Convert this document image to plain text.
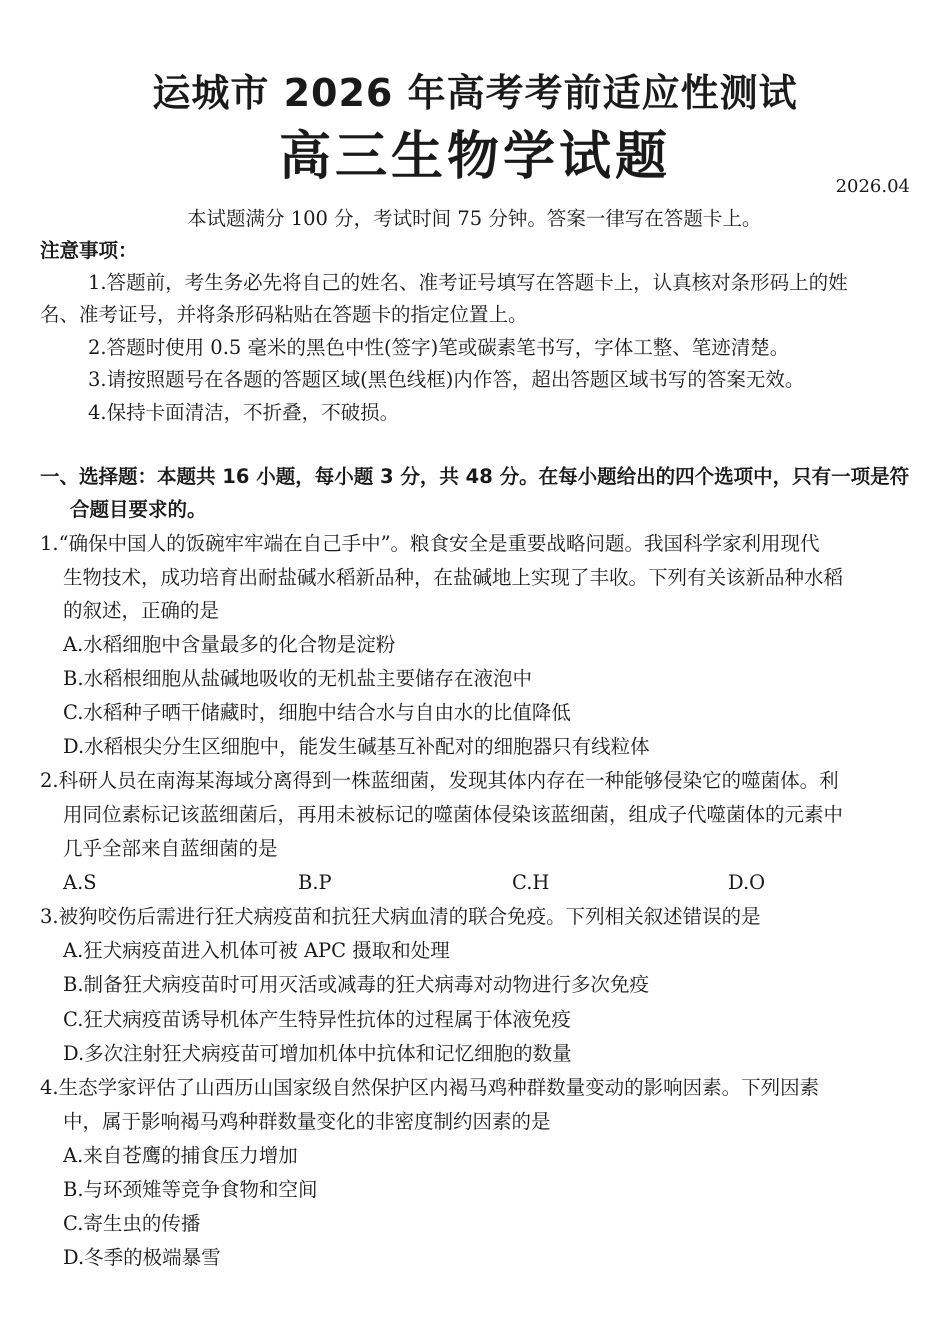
运城市 2026 年高考考前适应性测试
高三生物学试题	2026.04
本试题满分 100 分，考试时间 75 分钟。答案一律写在答题卡上。
注意事项：
1.答题前，考生务必先将自己的姓名、准考证号填写在答题卡上，认真核对条形码上的姓
名、准考证号，并将条形码粘贴在答题卡的指定位置上。
2.答题时使用 0.5 毫米的黑色中性(签字)笔或碳素笔书写，字体工整、笔迹清楚。
3.请按照题号在各题的答题区域(黑色线框)内作答，超出答题区域书写的答案无效。
4.保持卡面清洁，不折叠，不破损。
一、选择题：本题共 16 小题，每小题 3 分，共 48 分。在每小题给出的四个选项中，只有一项是符
合题目要求的。
1.“确保中国人的饭碗牢牢端在自己手中”。粮食安全是重要战略问题。我国科学家利用现代
生物技术，成功培育出耐盐碱水稻新品种，在盐碱地上实现了丰收。下列有关该新品种水稻
的叙述，正确的是
A.水稻细胞中含量最多的化合物是淀粉
B.水稻根细胞从盐碱地吸收的无机盐主要储存在液泡中
C.水稻种子晒干储藏时，细胞中结合水与自由水的比值降低
D.水稻根尖分生区细胞中，能发生碱基互补配对的细胞器只有线粒体
2.科研人员在南海某海域分离得到一株蓝细菌，发现其体内存在一种能够侵染它的噬菌体。利
用同位素标记该蓝细菌后，再用未被标记的噬菌体侵染该蓝细菌，组成子代噬菌体的元素中
几乎全部来自蓝细菌的是
A.S	B.P	C.H	D.O
3.被狗咬伤后需进行狂犬病疫苗和抗狂犬病血清的联合免疫。下列相关叙述错误的是
A.狂犬病疫苗进入机体可被 APC 摄取和处理
B.制备狂犬病疫苗时可用灭活或减毒的狂犬病毒对动物进行多次免疫
C.狂犬病疫苗诱导机体产生特异性抗体的过程属于体液免疫
D.多次注射狂犬病疫苗可增加机体中抗体和记忆细胞的数量
4.生态学家评估了山西历山国家级自然保护区内褐马鸡种群数量变动的影响因素。下列因素
中，属于影响褐马鸡种群数量变化的非密度制约因素的是
A.来自苍鹰的捕食压力增加
B.与环颈雉等竞争食物和空间
C.寄生虫的传播
D.冬季的极端暴雪
